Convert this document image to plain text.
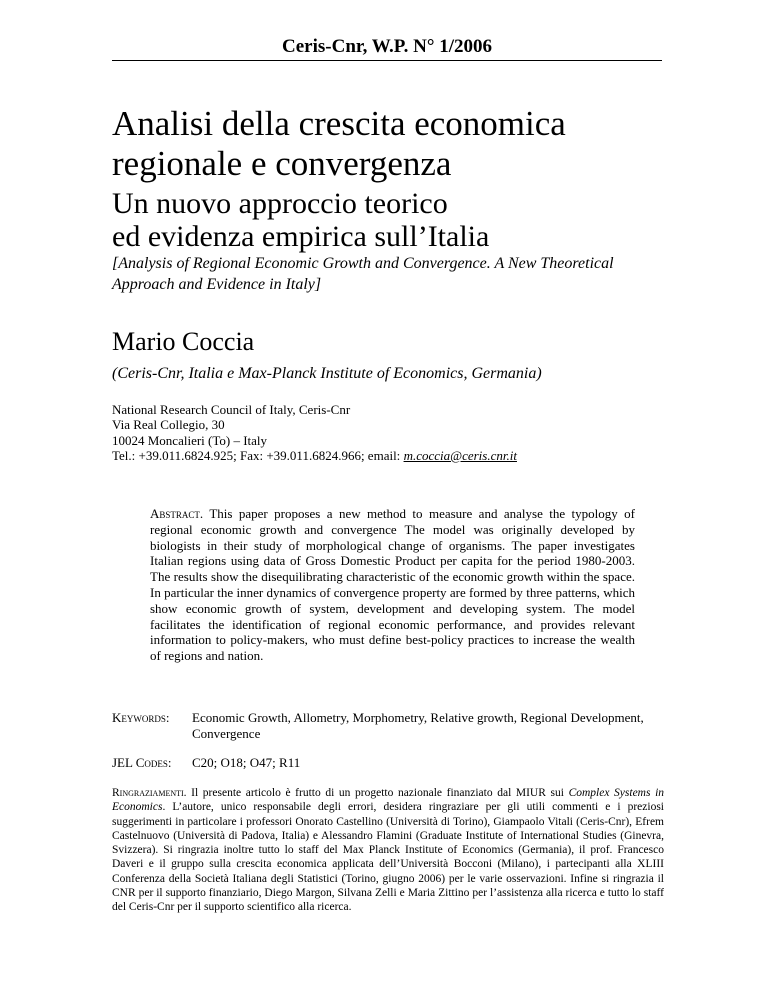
Ceris-Cnr, W.P. N° 1/2006
Analisi della crescita economica
regionale e convergenza
Un nuovo approccio teorico
ed evidenza empirica sull’Italia
[Analysis of Regional Economic Growth and Convergence. A New Theoretical
Approach and Evidence in Italy]
Mario Coccia
(Ceris-Cnr, Italia e Max-Planck Institute of Economics, Germania)
National Research Council of Italy, Ceris-Cnr
Via Real Collegio, 30
10024 Moncalieri (To) – Italy
Tel.: +39.011.6824.925; Fax: +39.011.6824.966; email: m.coccia@ceris.cnr.it
Abstract. This paper proposes a new method to measure and analyse the typology of regional economic growth and convergence The model was originally developed by biologists in their study of morphological change of organisms. The paper investigates Italian regions using data of Gross Domestic Product per capita for the period 1980-2003. The results show the disequilibrating characteristic of the economic growth within the space. In particular the inner dynamics of convergence property are formed by three patterns, which show economic growth of system, development and developing system. The model facilitates the identification of regional economic performance, and provides relevant information to policy-makers, who must define best-policy practices to increase the wealth of regions and nation.
Keywords: Economic Growth, Allometry, Morphometry, Relative growth, Regional Development, Convergence
JEL Codes: C20; O18; O47; R11
Ringraziamenti. Il presente articolo è frutto di un progetto nazionale finanziato dal MIUR sui Complex Systems in Economics. L’autore, unico responsabile degli errori, desidera ringraziare per gli utili commenti e i preziosi suggerimenti in particolare i professori Onorato Castellino (Università di Torino), Giampaolo Vitali (Ceris-Cnr), Efrem Castelnuovo (Università di Padova, Italia) e Alessandro Flamini (Graduate Institute of International Studies (Ginevra, Svizzera). Si ringrazia inoltre tutto lo staff del Max Planck Institute of Economics (Germania), il prof. Francesco Daveri e il gruppo sulla crescita economica applicata dell’Università Bocconi (Milano), i partecipanti alla XLIII Conferenza della Società Italiana degli Statistici (Torino, giugno 2006) per le varie osservazioni. Infine si ringrazia il CNR per il supporto finanziario, Diego Margon, Silvana Zelli e Maria Zittino per l’assistenza alla ricerca e tutto lo staff del Ceris-Cnr per il supporto scientifico alla ricerca.
